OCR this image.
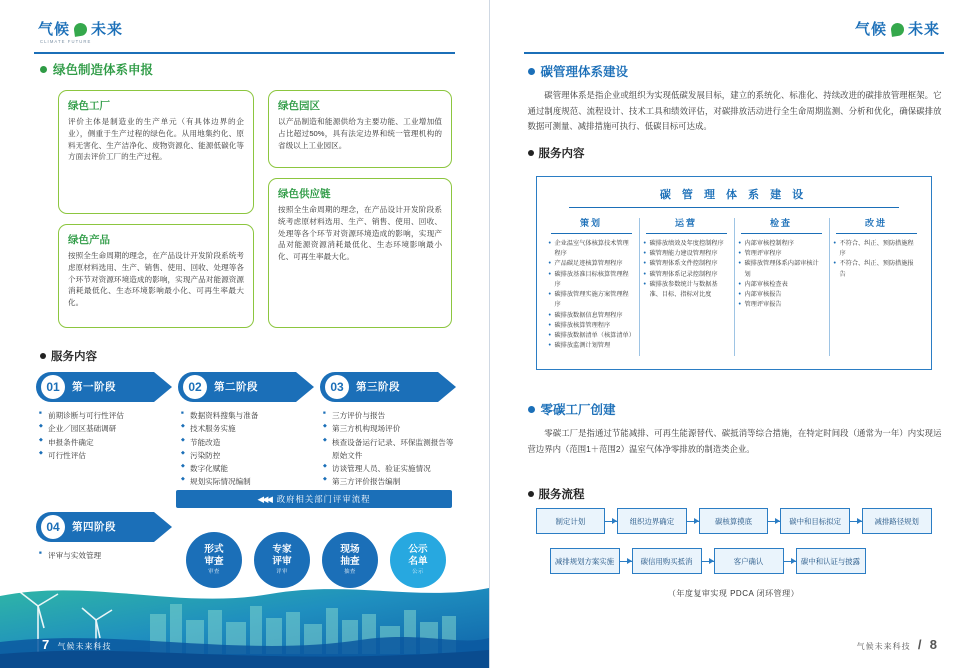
气候 未来
CLIMATE FUTURE
绿色制造体系申报
绿色工厂
评价主体是制造业的生产单元（有具体边界的企业），侧重于生产过程的绿色化。从用地集约化、原料无害化、生产洁净化、废物资源化、能源低碳化等方面去评价工厂的生产过程。
绿色园区
以产品制造和能源供给为主要功能、工业增加值占比超过50%，具有法定边界和统一管理机构的省级以上工业园区。
绿色供应链
按照全生命周期的理念，在产品设计开发阶段系统考虑原材料选用、生产、销售、使用、回收、处理等各个环节对资源环境造成的影响，实现产品对能源资源消耗最低化、生态环境影响最小化、可再生率最大化。
绿色产品
按照全生命周期的理念，在产品设计开发阶段系统考虑原材料选用、生产、销售、使用、回收、处理等各个环节对资源环境造成的影响，实现产品对能源资源消耗最低化、生态环境影响最小化、可再生率最大化。
服务内容
01	第一阶段
■ 前期诊断与可行性评估
◆ 企业／园区基础调研
◆ 申报条件确定
◆ 可行性评估
02	第二阶段
■ 数据资料搜集与准备
◆ 技术服务实施
◆ 节能改造
◆ 污染防控
◆ 数字化赋能
◆ 规划实际情况编制
◆
03	第三阶段
■ 三方评价与报告
◆ 第三方机构现场评价
◆ 核查设备运行记录、环保监测报告等原始文件
◆ 访谈管理人员、验证实施情况
◆ 第三方评价报告编制
04	第四阶段
■ 评审与实效管理
◀◀◀ 政府相关部门评审流程
形式
审查
审查
专家
评审
评审
现场
抽查
抽查
公示
名单
公示
7 气候未来科技
气候 未来
碳管理体系建设
碳管理体系是指企业或组织为实现低碳发展目标，建立的系统化、标准化、持续改进的碳排放管理框架。它通过制度规范、流程设计、技术工具和绩效评估，对碳排放活动进行全生命周期监测、分析和优化，确保碳排放数据可测量、减排措施可执行、低碳目标可达成。
服务内容
碳 管 理 体 系 建 设
策划
• 企业温室气体核算技术管理程序
• 产品碳足迹核算管理程序
• 碳排放基准目标核算管理程序
• 碳排放管理实施方案管理程序
• 碳排放数据信息管理程序
• 碳排放核算管理程序
• 碳排放数据清单（核算清单）
• 碳排放监测计划管理
运营
• 碳排放绩效及年度控制程序
• 碳管理能力建设管理程序
• 碳管理体系文件控制程序
• 碳管理体系记录控制程序
• 碳排放参数统计与数据基准、目标、指标对比度
检查
• 内部审核控制程序
• 管理评审程序
• 碳排放管理体系内部审核计划
• 内部审核检查表
• 内部审核报告
• 管理评审报告
改进
• 不符合、纠正、预防措施程序
• 不符合、纠正、预防措施报告
零碳工厂创建
零碳工厂是指通过节能减排、可再生能源替代、碳抵消等综合措施，在特定时间段（通常为一年）内实现运营边界内（范围1＋范围2）温室气体净零排放的制造类企业。
服务流程
制定计划	组织边界确定	碳核算摸底	碳中和目标拟定	减排路径规划
减排规划方案实施	碳信用购买抵消	客户确认	碳中和认证与披露
（年度复审实现 PDCA 闭环管理）
气候未来科技 / 8
